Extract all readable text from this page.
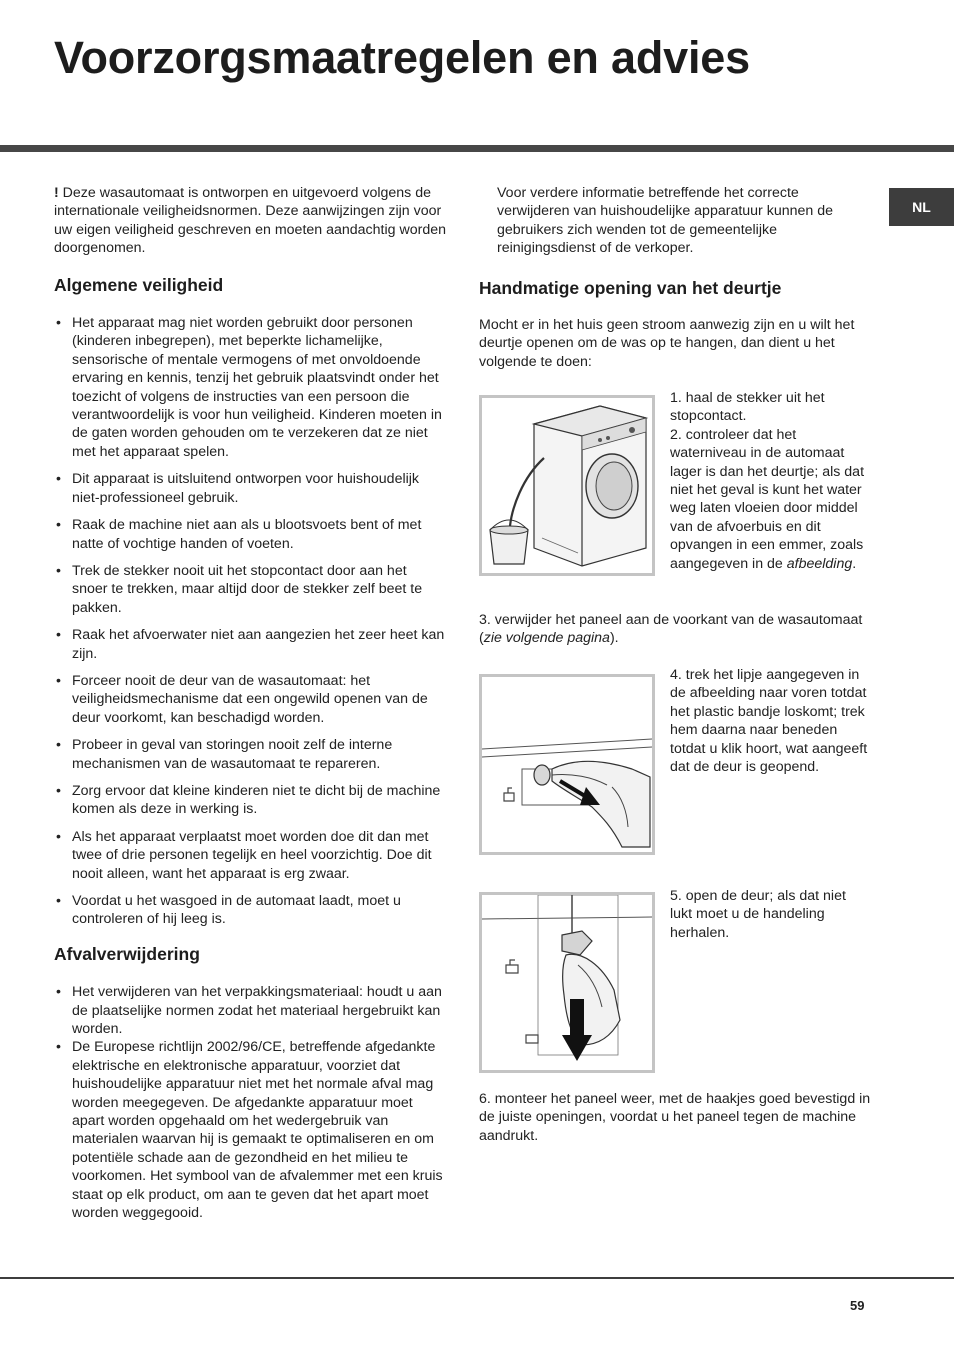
Voorzorgsmaatregelen en advies
NL

! Deze wasautomaat is ontworpen en uitgevoerd volgens de internationale veiligheidsnormen. Deze aanwijzingen zijn voor uw eigen veiligheid geschreven en moeten aandachtig worden doorgenomen.

Algemene veiligheid
• Het apparaat mag niet worden gebruikt door personen (kinderen inbegrepen), met beperkte lichamelijke, sensorische of mentale vermogens of met onvoldoende ervaring en kennis, tenzij het gebruik plaatsvindt onder het toezicht of volgens de instructies van een persoon die verantwoordelijk is voor hun veiligheid. Kinderen moeten in de gaten worden gehouden om te verzekeren dat ze niet met het apparaat spelen.
• Dit apparaat is uitsluitend ontworpen voor huishoudelijk niet-professioneel gebruik.
• Raak de machine niet aan als u blootsvoets bent of met natte of vochtige handen of voeten.
• Trek de stekker nooit uit het stopcontact door aan het snoer te trekken, maar altijd door de stekker zelf beet te pakken.
• Raak het afvoerwater niet aan aangezien het zeer heet kan zijn.
• Forceer nooit de deur van de wasautomaat: het veiligheidsmechanisme dat een ongewild openen van de deur voorkomt, kan beschadigd worden.
• Probeer in geval van storingen nooit zelf de interne mechanismen van de wasautomaat te repareren.
• Zorg ervoor dat kleine kinderen niet te dicht bij de machine komen als deze in werking is.
• Als het apparaat verplaatst moet worden doe dit dan met twee of drie personen tegelijk en heel voorzichtig. Doe dit nooit alleen, want het apparaat is erg zwaar.
• Voordat u het wasgoed in de automaat laadt, moet u controleren of hij leeg is.
Afvalverwijdering
• Het verwijderen van het verpakkingsmateriaal: houdt u aan de plaatselijke normen zodat het materiaal hergebruikt kan worden.
• De Europese richtlijn 2002/96/CE, betreffende afgedankte elektrische en elektronische apparatuur, voorziet dat huishoudelijke apparatuur niet met het normale afval mag worden meegegeven. De afgedankte apparatuur moet apart worden opgehaald om het wedergebruik van materialen waarvan hij is gemaakt te optimaliseren en om potentiële schade aan de gezondheid en het milieu te voorkomen. Het symbool van de afvalemmer met een kruis staat op elk product, om aan te geven dat het apart moet worden weggegooid.

Voor verdere informatie betreffende het correcte verwijderen van huishoudelijke apparatuur kunnen de gebruikers zich wenden tot de gemeentelijke reinigingsdienst of de verkoper.

Handmatige opening van het deurtje

Mocht er in het huis geen stroom aanwezig zijn en u wilt het deurtje openen om de was op te hangen, dan dient u het volgende te doen:

1. haal de stekker uit het stopcontact.

2. controleer dat het waterniveau in de automaat lager is dan het deurtje; als dat niet het geval is kunt het water weg laten vloeien door middel van de afvoerbuis en dit opvangen in een emmer, zoals aangegeven in de afbeelding.

3. verwijder het paneel aan de voorkant van de wasautomaat (zie volgende pagina).

4. trek het lipje aangegeven in de afbeelding naar voren totdat het plastic bandje loskomt; trek hem daarna naar beneden totdat u klik hoort, wat aangeeft dat de deur is geopend.

5. open de deur; als dat niet lukt moet u de handeling herhalen.

6. monteer het paneel weer, met de haakjes goed bevestigd in de juiste openingen, voordat u het paneel tegen de machine aandrukt.

59
